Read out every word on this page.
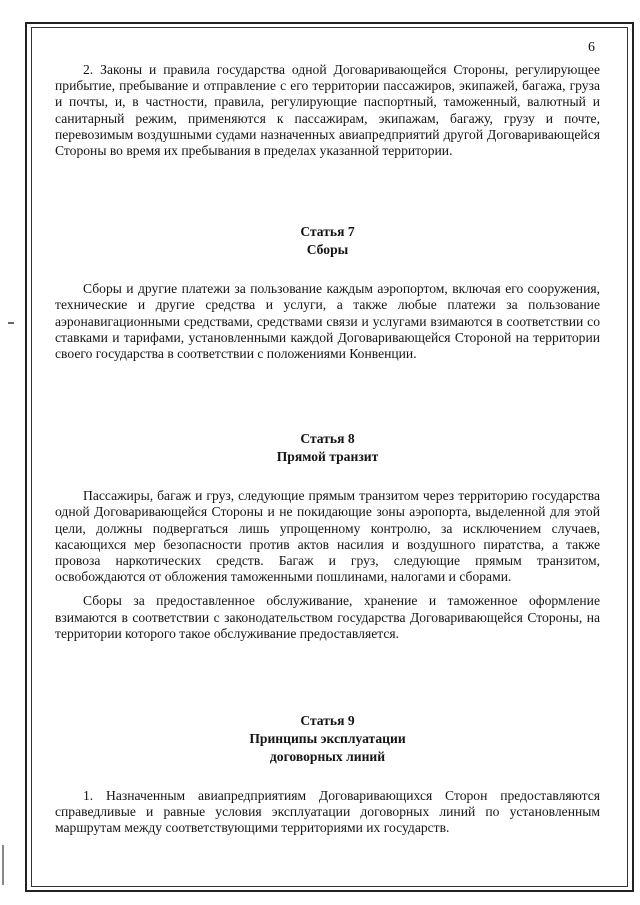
6

2. Законы и правила государства одной Договаривающейся Стороны, регулирующее прибытие, пребывание и отправление с его территории пассажиров, экипажей, багажа, груза и почты, и, в частности, правила, регулирующие паспортный, таможенный, валютный и санитарный режим, применяются к пассажирам, экипажам, багажу, грузу и почте, перевозимым воздушными судами назначенных авиапредприятий другой Договаривающейся Стороны во время их пребывания в пределах указанной территории.

Статья 7
Сборы

Сборы и другие платежи за пользование каждым аэропортом, включая его сооружения, технические и другие средства и услуги, а также любые платежи за пользование аэронавигационными средствами, средствами связи и услугами взимаются в соответствии со ставками и тарифами, установленными каждой Договаривающейся Стороной на территории своего государства в соответствии с положениями Конвенции.

Статья 8
Прямой транзит

Пассажиры, багаж и груз, следующие прямым транзитом через территорию государства одной Договаривающейся Стороны и не покидающие зоны аэропорта, выделенной для этой цели, должны подвергаться лишь упрощенному контролю, за исключением случаев, касающихся мер безопасности против актов насилия и воздушного пиратства, а также провоза наркотических средств. Багаж и груз, следующие прямым транзитом, освобождаются от обложения таможенными пошлинами, налогами и сборами.

Сборы за предоставленное обслуживание, хранение и таможенное оформление взимаются в соответствии с законодательством государства Договаривающейся Стороны, на территории которого такое обслуживание предоставляется.

Статья 9
Принципы эксплуатации
договорных линий

1. Назначенным авиапредприятиям Договаривающихся Сторон предоставляются справедливые и равные условия эксплуатации договорных линий по установленным маршрутам между соответствующими территориями их государств.
